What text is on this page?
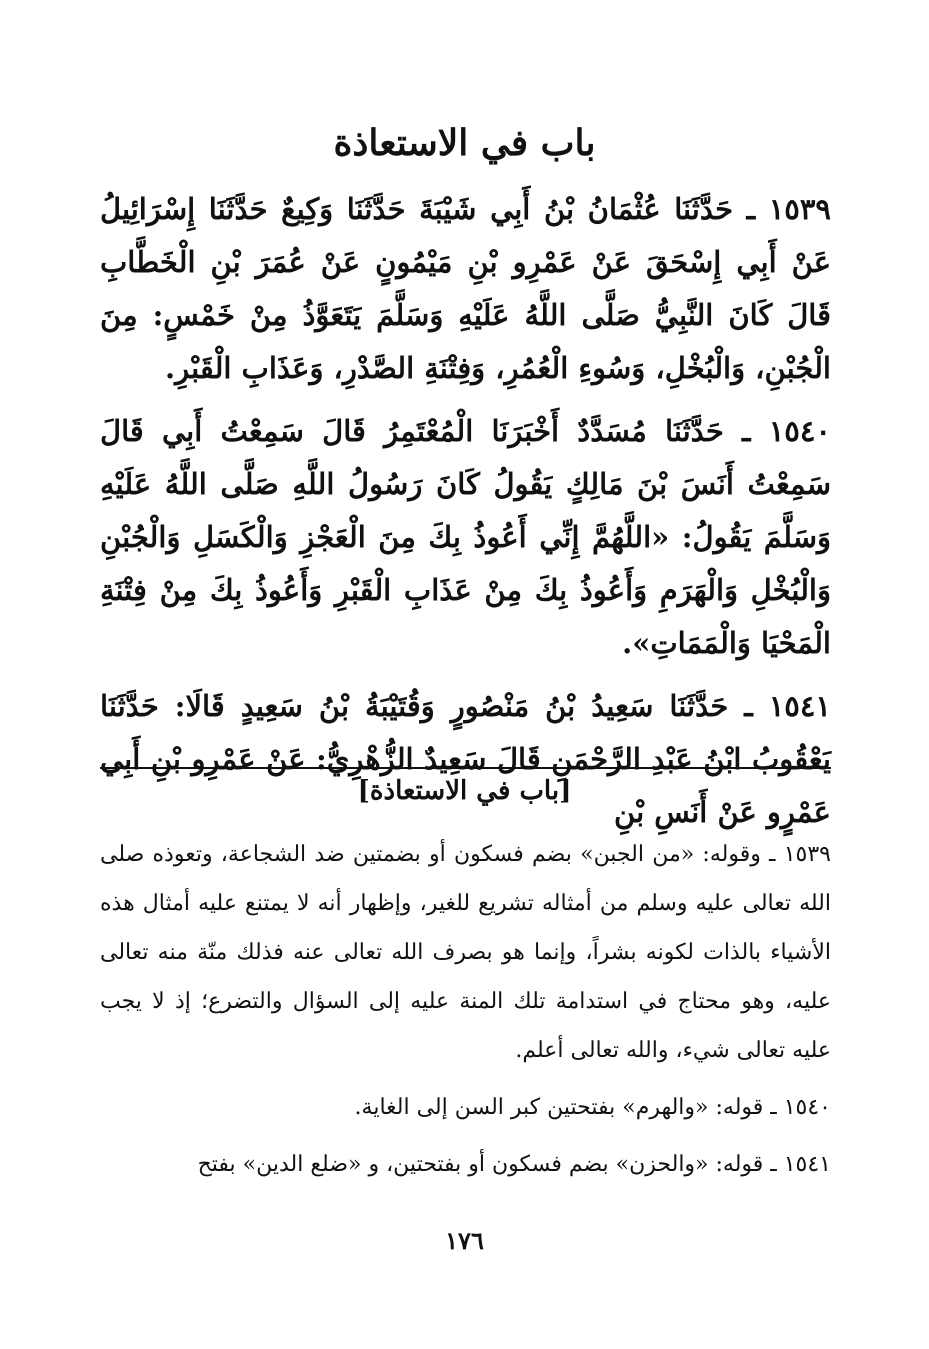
باب في الاستعاذة

١٥٣٩ ـ حَدَّثَنَا عُثْمَانُ بْنُ أَبِي شَيْبَةَ حَدَّثَنَا وَكِيعٌ حَدَّثَنَا إِسْرَائِيلُ عَنْ أَبِي إِسْحَقَ عَنْ عَمْرِو بْنِ مَيْمُونٍ عَنْ عُمَرَ بْنِ الْخَطَّابِ قَالَ كَانَ النَّبِيُّ صَلَّى اللَّهُ عَلَيْهِ وَسَلَّمَ يَتَعَوَّذُ مِنْ خَمْسٍ: مِنَ الْجُبْنِ، وَالْبُخْلِ، وَسُوءِ الْعُمُرِ، وَفِتْنَةِ الصَّدْرِ، وَعَذَابِ الْقَبْرِ.

١٥٤٠ ـ حَدَّثَنَا مُسَدَّدٌ أَخْبَرَنَا الْمُعْتَمِرُ قَالَ سَمِعْتُ أَبِي قَالَ سَمِعْتُ أَنَسَ بْنَ مَالِكٍ يَقُولُ كَانَ رَسُولُ اللَّهِ صَلَّى اللَّهُ عَلَيْهِ وَسَلَّمَ يَقُولُ: «اللَّهُمَّ إِنِّي أَعُوذُ بِكَ مِنَ الْعَجْزِ وَالْكَسَلِ وَالْجُبْنِ وَالْبُخْلِ وَالْهَرَمِ وَأَعُوذُ بِكَ مِنْ عَذَابِ الْقَبْرِ وَأَعُوذُ بِكَ مِنْ فِتْنَةِ الْمَحْيَا وَالْمَمَاتِ».

١٥٤١ ـ حَدَّثَنَا سَعِيدُ بْنُ مَنْصُورٍ وَقُتَيْبَةُ بْنُ سَعِيدٍ قَالَا: حَدَّثَنَا يَعْقُوبُ ابْنُ عَبْدِ الرَّحْمَنِ قَالَ سَعِيدٌ الزُّهْرِيُّ: عَنْ عَمْرِو بْنِ أَبِي عَمْرٍو عَنْ أَنَسِ بْنِ

[باب في الاستعاذة]

١٥٣٩ ـ وقوله: «من الجبن» بضم فسكون أو بضمتين ضد الشجاعة، وتعوذه صلى الله تعالى عليه وسلم من أمثاله تشريع للغير، وإظهار أنه لا يمتنع عليه أمثال هذه الأشياء بالذات لكونه بشراً، وإنما هو بصرف الله تعالى عنه فذلك منّة منه تعالى عليه، وهو محتاج في استدامة تلك المنة عليه إلى السؤال والتضرع؛ إذ لا يجب عليه تعالى شيء، والله تعالى أعلم.

١٥٤٠ ـ قوله: «والهرم» بفتحتين كبر السن إلى الغاية.

١٥٤١ ـ قوله: «والحزن» بضم فسكون أو بفتحتين، و «ضلع الدين» بفتح

١٧٦
